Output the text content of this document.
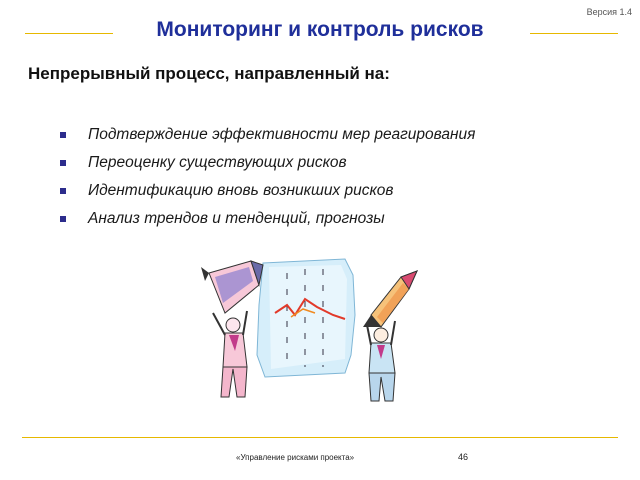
Версия 1.4
Мониторинг и контроль рисков
Непрерывный процесс, направленный на:
Подтверждение эффективности мер реагирования
Переоценку существующих рисков
Идентификацию вновь возникших рисков
Анализ трендов и тенденций, прогнозы
«Управление рисками проекта»	46
